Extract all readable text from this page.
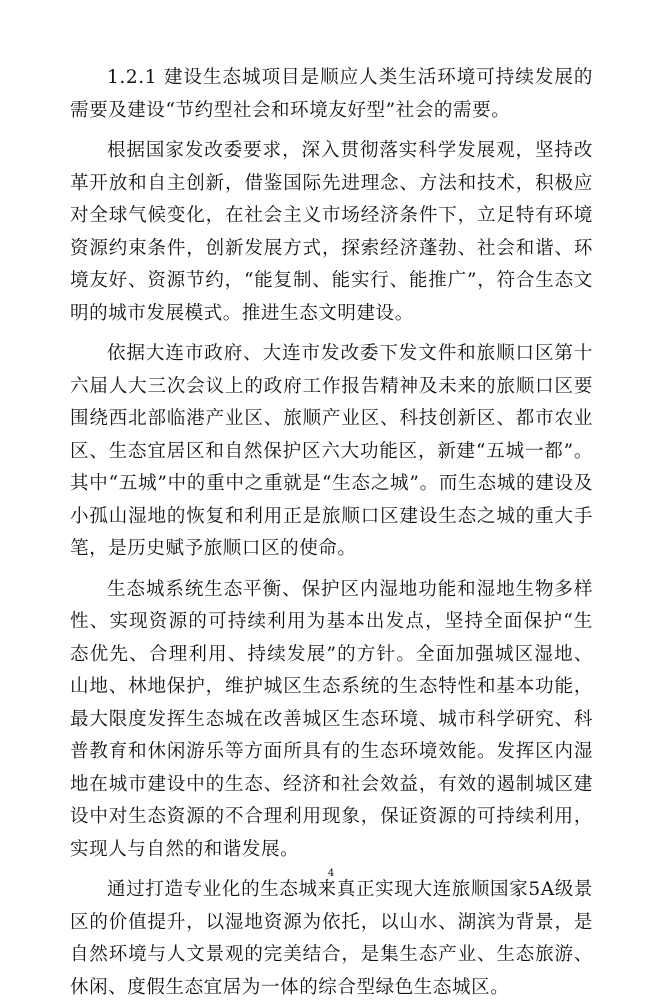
1.2.1 建设生态城项目是顺应人类生活环境可持续发展的需要及建设“节约型社会和环境友好型”社会的需要。

根据国家发改委要求，深入贯彻落实科学发展观，坚持改革开放和自主创新，借鉴国际先进理念、方法和技术，积极应对全球气候变化，在社会主义市场经济条件下，立足特有环境资源约束条件，创新发展方式，探索经济蓬勃、社会和谐、环境友好、资源节约，“能复制、能实行、能推广”，符合生态文明的城市发展模式。推进生态文明建设。

依据大连市政府、大连市发改委下发文件和旅顺口区第十六届人大三次会议上的政府工作报告精神及未来的旅顺口区要围绕西北部临港产业区、旅顺产业区、科技创新区、都市农业区、生态宜居区和自然保护区六大功能区，新建“五城一都”。其中“五城”中的重中之重就是“生态之城”。而生态城的建设及小孤山湿地的恢复和利用正是旅顺口区建设生态之城的重大手笔，是历史赋予旅顺口区的使命。

生态城系统生态平衡、保护区内湿地功能和湿地生物多样性、实现资源的可持续利用为基本出发点，坚持全面保护“生态优先、合理利用、持续发展”的方针。全面加强城区湿地、山地、林地保护，维护城区生态系统的生态特性和基本功能，最大限度发挥生态城在改善城区生态环境、城市科学研究、科普教育和休闲游乐等方面所具有的生态环境效能。发挥区内湿地在城市建设中的生态、经济和社会效益，有效的遏制城区建设中对生态资源的不合理利用现象，保证资源的可持续利用，实现人与自然的和谐发展。

通过打造专业化的生态城来真正实现大连旅顺国家5A级景区的价值提升，以湿地资源为依托，以山水、湖滨为背景，是自然环境与人文景观的完美结合，是集生态产业、生态旅游、休闲、度假生态宜居为一体的综合型绿色生态城区。

4
